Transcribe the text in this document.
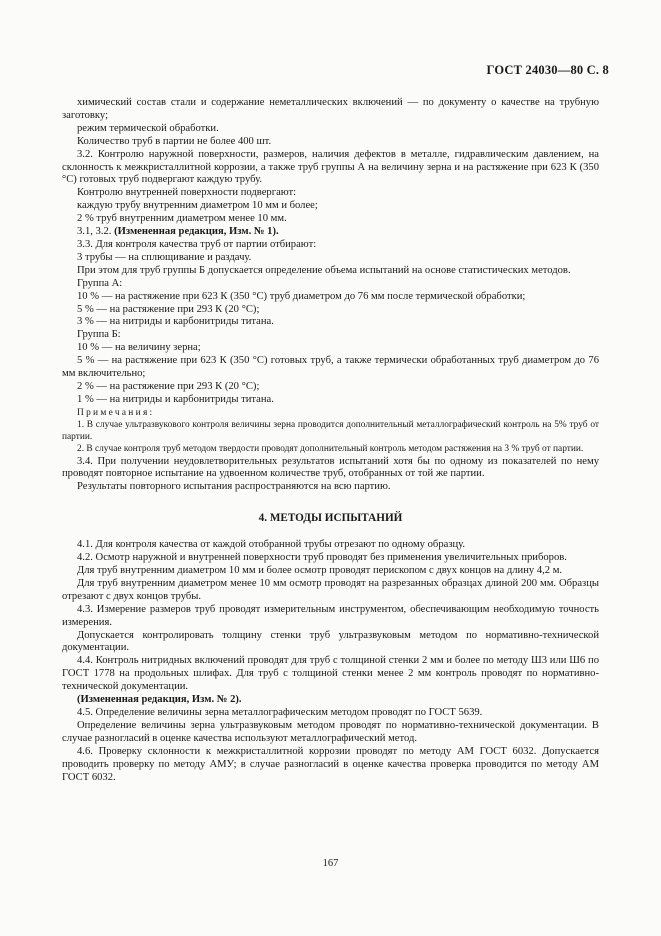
ГОСТ 24030—80 С. 8

химический состав стали и содержание неметаллических включений — по документу о качестве на трубную заготовку;

режим термической обработки.

Количество труб в партии не более 400 шт.

3.2. Контролю наружной поверхности, размеров, наличия дефектов в металле, гидравлическим давлением, на склонность к межкристаллитной коррозии, а также труб группы А на величину зерна и на растяжение при 623 К (350 °С) готовых труб подвергают каждую трубу.

Контролю внутренней поверхности подвергают:

каждую трубу внутренним диаметром 10 мм и более;

2 % труб внутренним диаметром менее 10 мм.

3.1, 3.2. (Измененная редакция, Изм. № 1).

3.3. Для контроля качества труб от партии отбирают:

3 трубы — на сплющивание и раздачу.

При этом для труб группы Б допускается определение объема испытаний на основе статистических методов.

Группа А:

10 % — на растяжение при 623 К (350 °С) труб диаметром до 76 мм после термической обработки;

5 % — на растяжение при 293 К (20 °С);

3 % — на нитриды и карбонитриды титана.

Группа Б:

10 % — на величину зерна;

5 % — на растяжение при 623 К (350 °С) готовых труб, а также термически обработанных труб диаметром до 76 мм включительно;

2 % — на растяжение при 293 К (20 °С);

1 % — на нитриды и карбонитриды титана.

Примечания:

1. В случае ультразвукового контроля величины зерна проводится дополнительный металлографический контроль на 5% труб от партии.

2. В случае контроля труб методом твердости проводят дополнительный контроль методом растяжения на 3 % труб от партии.

3.4. При получении неудовлетворительных результатов испытаний хотя бы по одному из показателей по нему проводят повторное испытание на удвоенном количестве труб, отобранных от той же партии.

Результаты повторного испытания распространяются на всю партию.

4. МЕТОДЫ ИСПЫТАНИЙ

4.1. Для контроля качества от каждой отобранной трубы отрезают по одному образцу.

4.2. Осмотр наружной и внутренней поверхности труб проводят без применения увеличительных приборов.

Для труб внутренним диаметром 10 мм и более осмотр проводят перископом с двух концов на длину 4,2 м.

Для труб внутренним диаметром менее 10 мм осмотр проводят на разрезанных образцах длиной 200 мм. Образцы отрезают с двух концов трубы.

4.3. Измерение размеров труб проводят измерительным инструментом, обеспечивающим необходимую точность измерения.

Допускается контролировать толщину стенки труб ультразвуковым методом по нормативно-технической документации.

4.4. Контроль нитридных включений проводят для труб с толщиной стенки 2 мм и более по методу Ш3 или Ш6 по ГОСТ 1778 на продольных шлифах. Для труб с толщиной стенки менее 2 мм контроль проводят по нормативно-технической документации.

(Измененная редакция, Изм. № 2).

4.5. Определение величины зерна металлографическим методом проводят по ГОСТ 5639.

Определение величины зерна ультразвуковым методом проводят по нормативно-технической документации. В случае разногласий в оценке качества используют металлографический метод.

4.6. Проверку склонности к межкристаллитной коррозии проводят по методу АМ ГОСТ 6032. Допускается проводить проверку по методу АМУ; в случае разногласий в оценке качества проверка проводится по методу АМ ГОСТ 6032.

167
